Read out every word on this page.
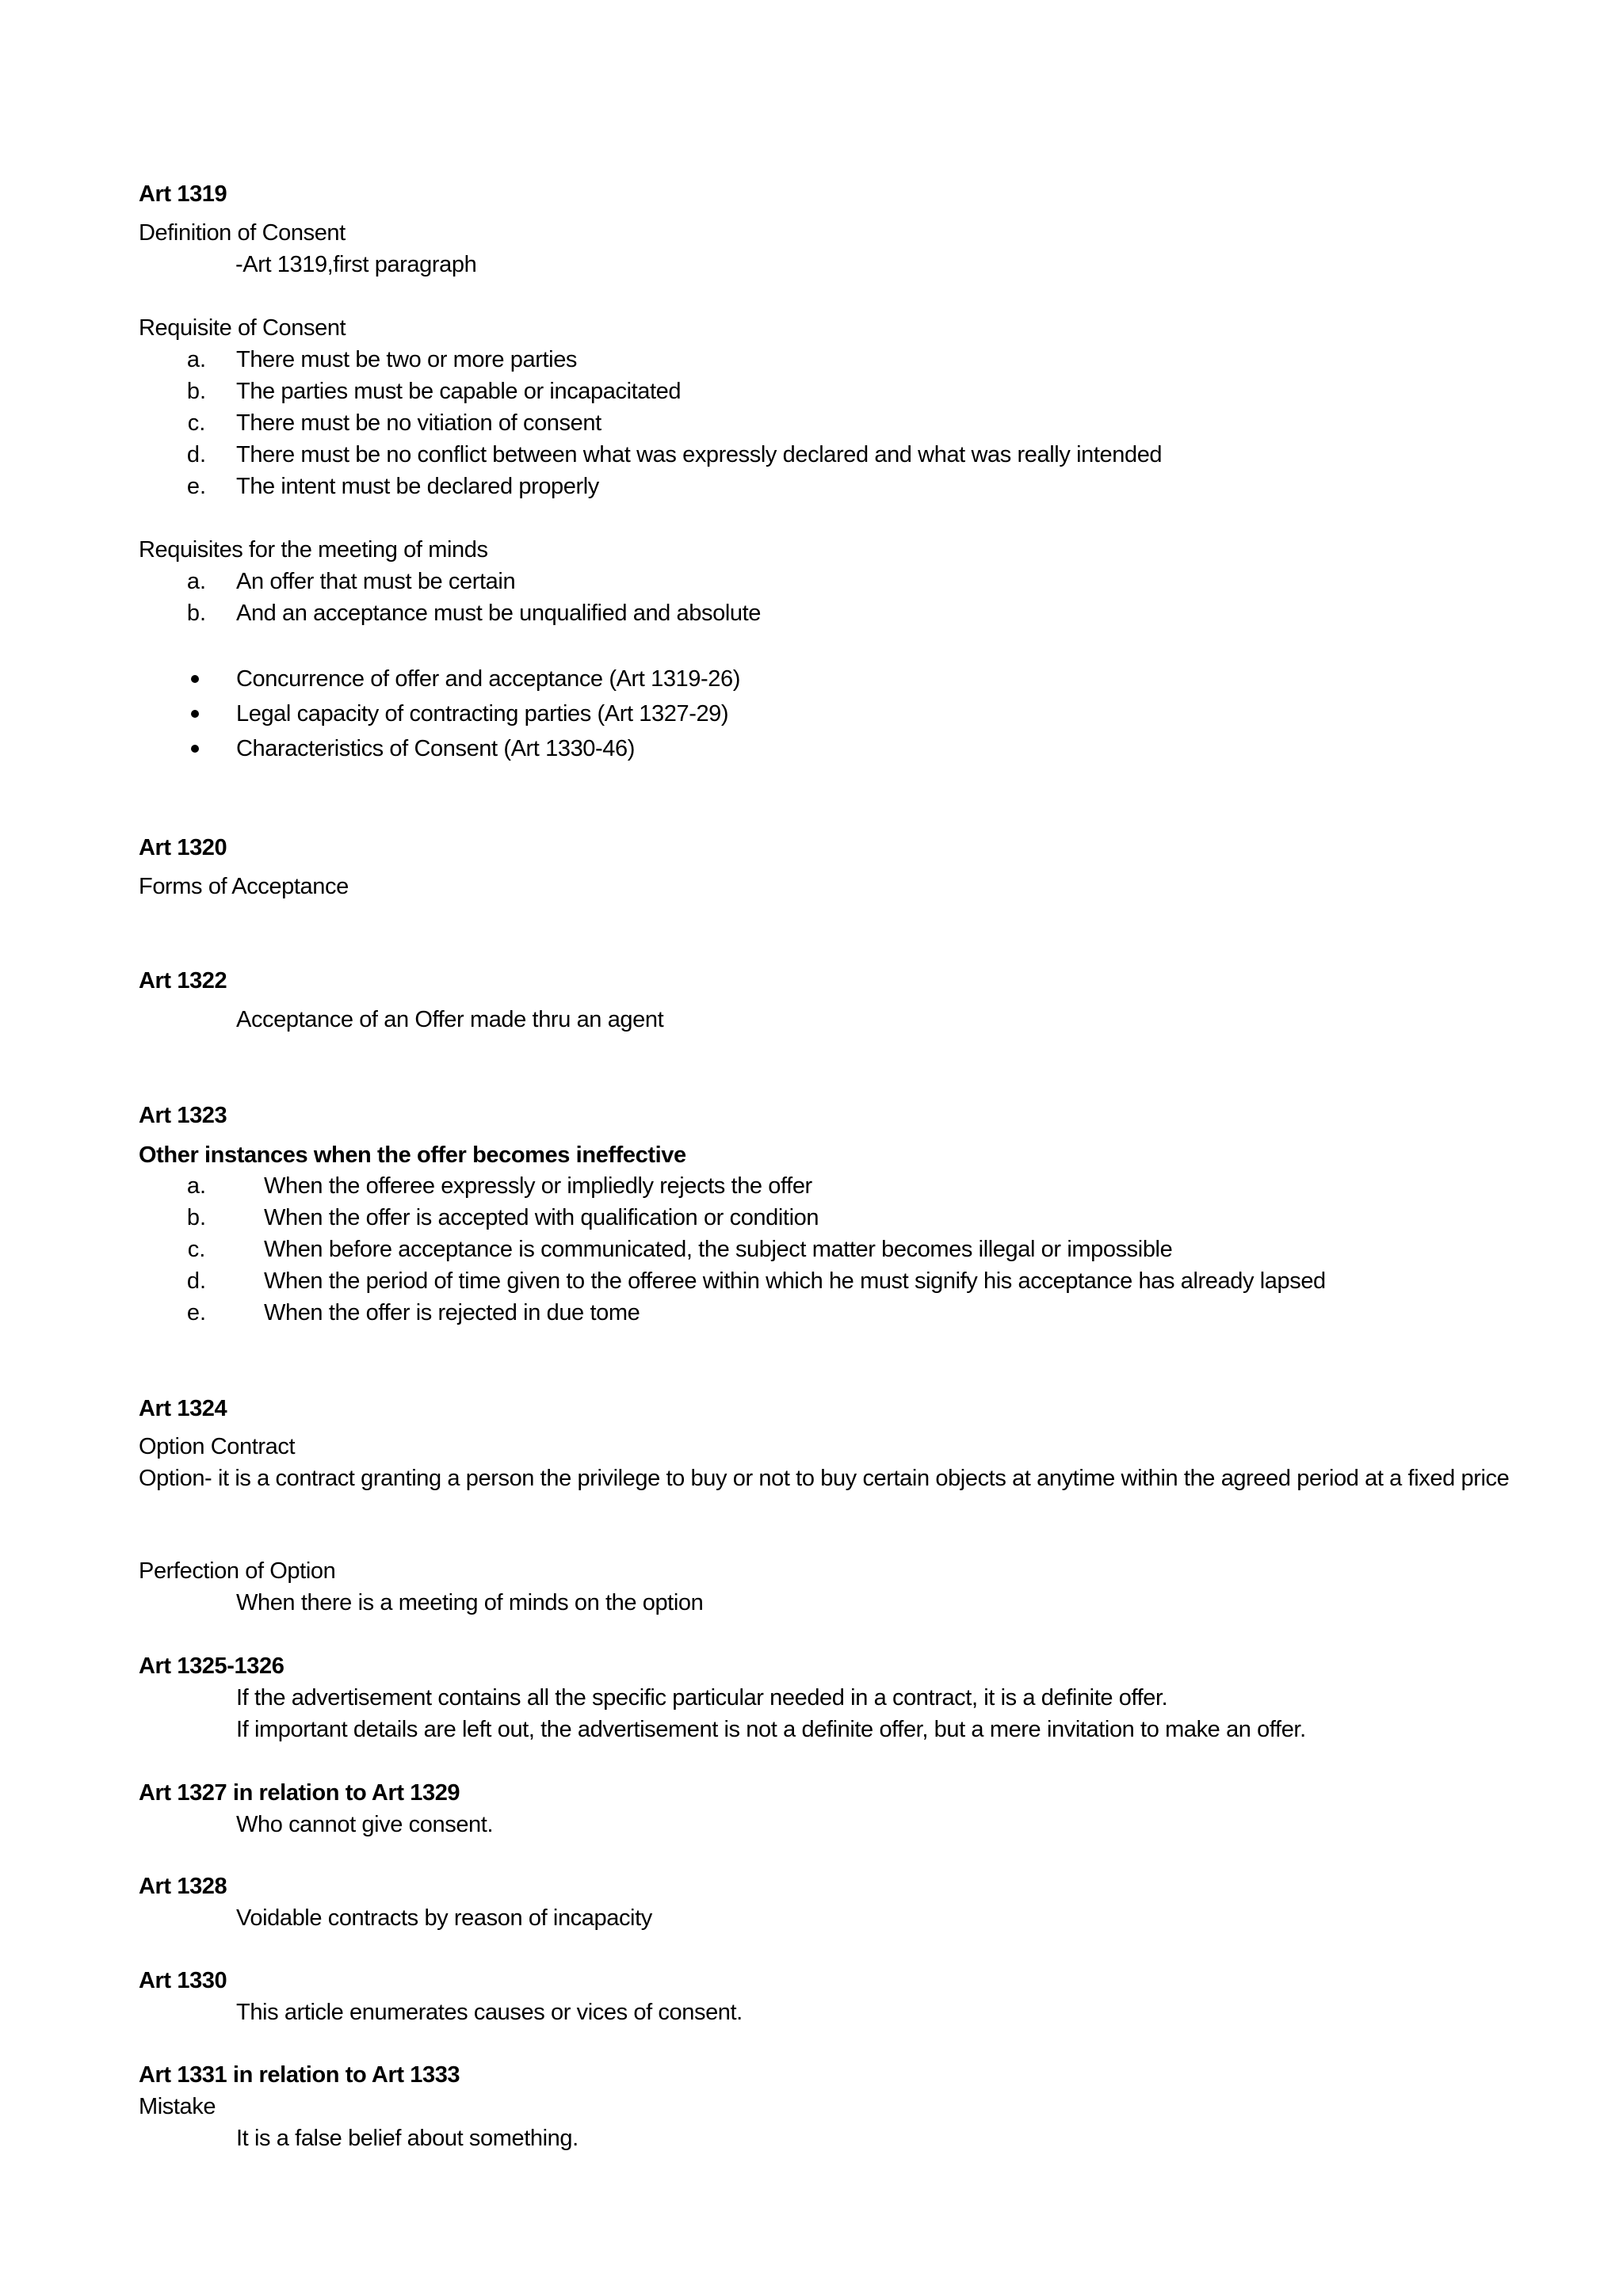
Art 1319
Definition of Consent
-Art 1319,first paragraph
Requisite of Consent
a. There must be two or more parties
b. The parties must be capable or incapacitated
c.	There must be no vitiation of consent
d. There must be no conflict between what was expressly declared and what was really intended
e. The intent must be declared properly
Requisites for the meeting of minds
a. An offer that must be certain
b. And an acceptance must be unqualified and absolute
Concurrence of offer and acceptance (Art 1319-26)
Legal capacity of contracting parties (Art 1327-29)
Characteristics of Consent (Art 1330-46)
Art 1320
Forms of Acceptance
Art 1322
Acceptance of an Offer made thru an agent
Art 1323
Other instances when the offer becomes ineffective
a.	When the offeree expressly or impliedly rejects the offer
b.	When the offer is accepted with qualification or condition
c.	When before acceptance is communicated, the subject matter becomes illegal or impossible
d.	When the period of time given to the offeree within which he must signify his acceptance has already lapsed
e.	When the offer is rejected in due tome
Art 1324
Option Contract
Option- it is a contract granting a person the privilege to buy or not to buy certain objects at anytime within the agreed period at a fixed price
Perfection of Option
When there is a meeting of minds on the option
Art 1325-1326
If the advertisement contains all the specific particular needed in a contract, it is a definite offer.
If important details are left out, the advertisement is not a definite offer, but a mere invitation to make an offer.
Art 1327 in relation to Art 1329
Who cannot give consent.
Art 1328
Voidable contracts by reason of incapacity
Art 1330
This article enumerates causes or vices of consent.
Art 1331 in relation to Art 1333
Mistake
It is a false belief about something.
